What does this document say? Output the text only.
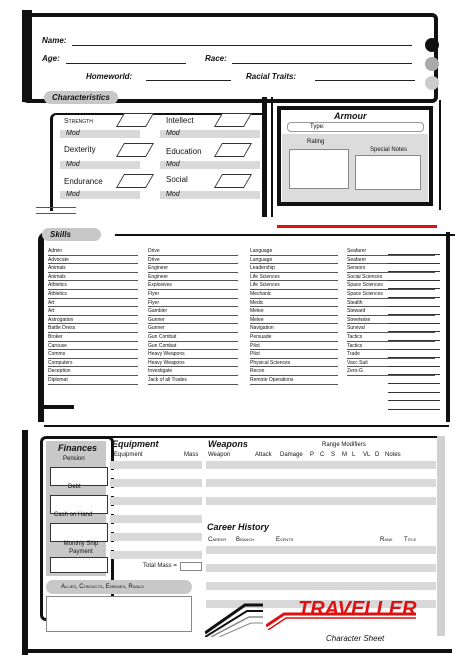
Name:
Age:	Race:
Homeworld:	Racial Traits:
Characteristics
Strength
Mod
Intellect
Mod
Dexterity
Mod
Education
Mod
Endurance
Mod
Social
Mod
Armour
Type:
Rating
Special Notes
Skills
Admin
Advocate
Animals
Animals
Athletics
Athletics
Art
Art
Astrogation
Battle Dress
Broker
Carouse
Comms
Computers
Deception
Diplomat
Drive
Drive
Engineer
Engineer
Explosives
Flyer
Flyer
Gambler
Gunner
Gunner
Gun Combat
Gun Combat
Heavy Weapons
Heavy Weapons
Investigate
Jack of all Trades
Language
Language
Leadership
Life Sciences
Life Sciences
Mechanic
Medic
Melee
Melee
Navigation
Persuade
Pilot
Pilot
Physical Sciences
Recon
Remote Operations
Seafarer
Seafarer
Sensors
Social Sciences
Space Sciences
Space Sciences
Stealth
Steward
Streetwise
Survival
Tactics
Tactics
Trade
Vacc Suit
Zero-G
Finances
Pension
Debt
Cash on Hand
Monthly Ship Payment
Allies, Contacts, Enemies, Rivals
Equipment
Equipment	Mass
Total Mass =
Weapons	Range Modifiers
Weapon	Attack Damage P C S M L VL D Notes
Career History
Career Branch	Events	Rank Title
TRAVELLER
Character Sheet
